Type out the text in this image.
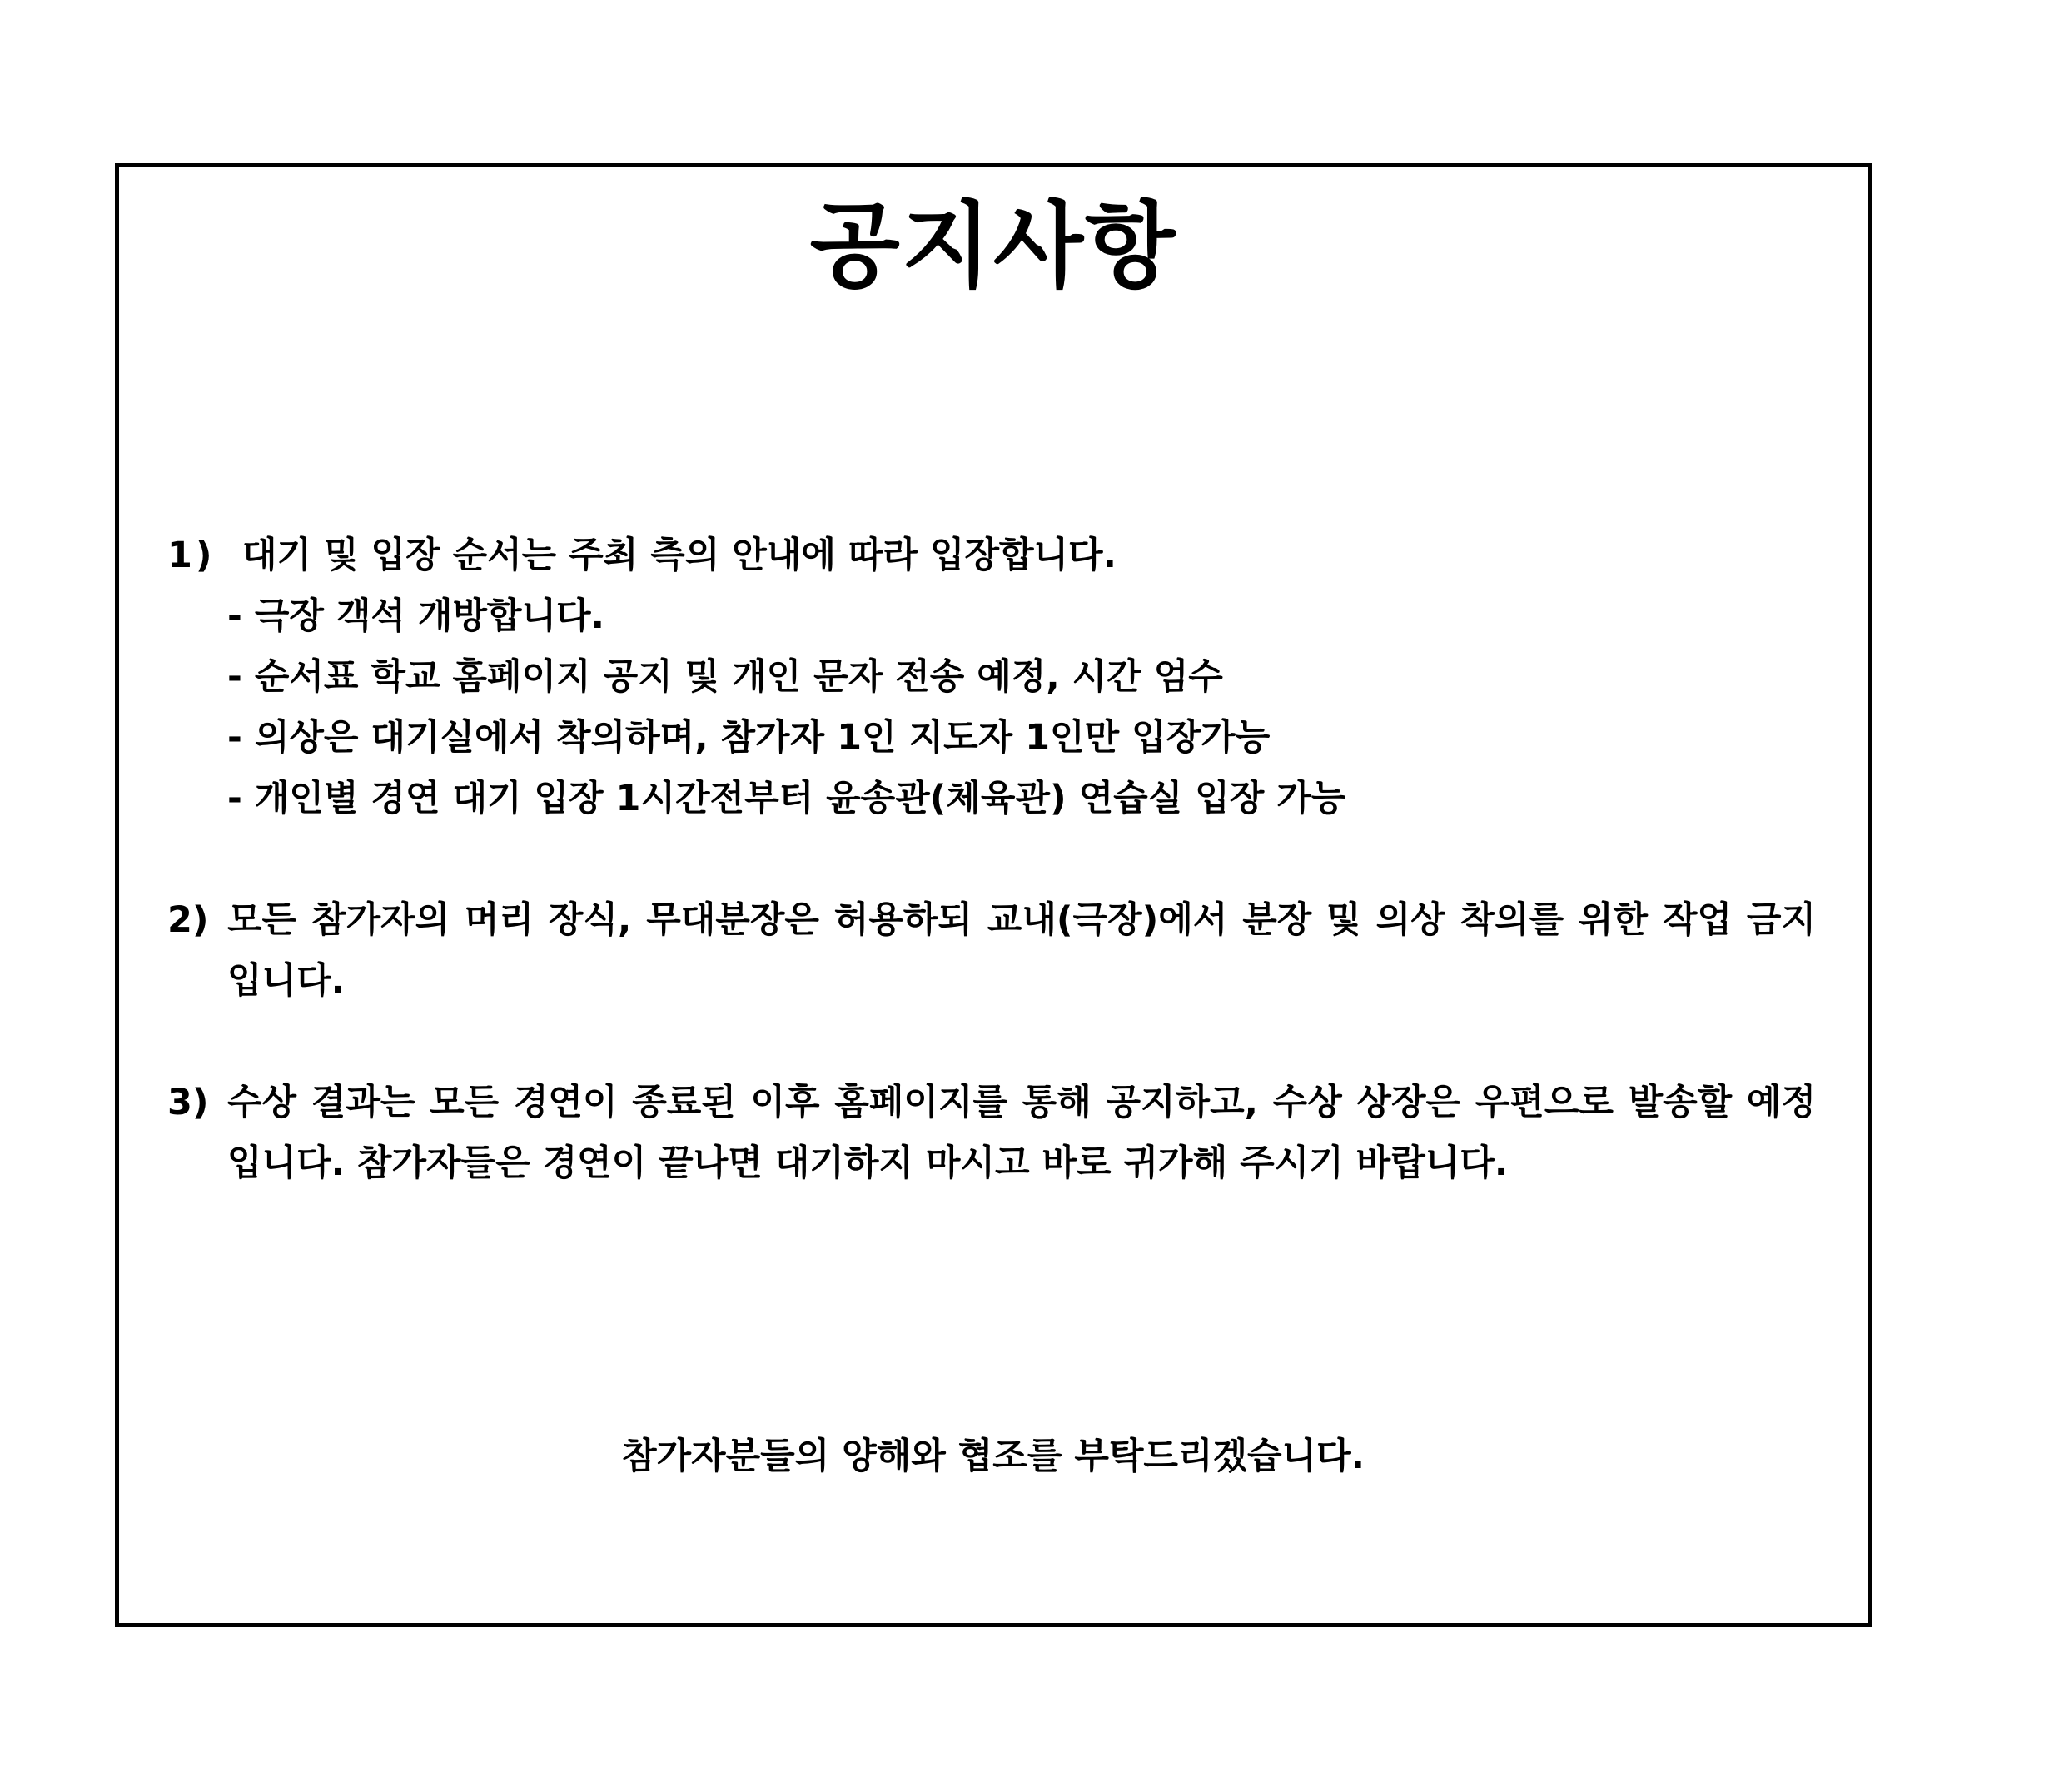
공지사항
1) 대기 및 입장 순서는 주최 측의 안내에 따라 입장합니다.
- 극장 객석 개방합니다.
- 순서표 학교 홈페이지 공지 및 개인 문자 전송 예정, 시간 엄수
- 의상은 대기실에서 착의하며, 참가자 1인 지도자 1인만 입장가능
- 개인별 경연 대기 입장 1시간전부터 윤송관(체육관) 연습실 입장 가능
2) 모든 참가자의 머리 장식, 무대분장은 허용하되 교내(극장)에서 분장 및 의상 착의를 위한 작업 금지입니다.
3) 수상 결과는 모든 경연이 종료된 이후 홈페이지를 통해 공지하고, 수상 상장은 우편으로 발송할 예정입니다. 참가자들은 경연이 끝나면 대기하지 마시고 바로 귀가해 주시기 바랍니다.
참가자분들의 양해와 협조를 부탁드리겠습니다.
